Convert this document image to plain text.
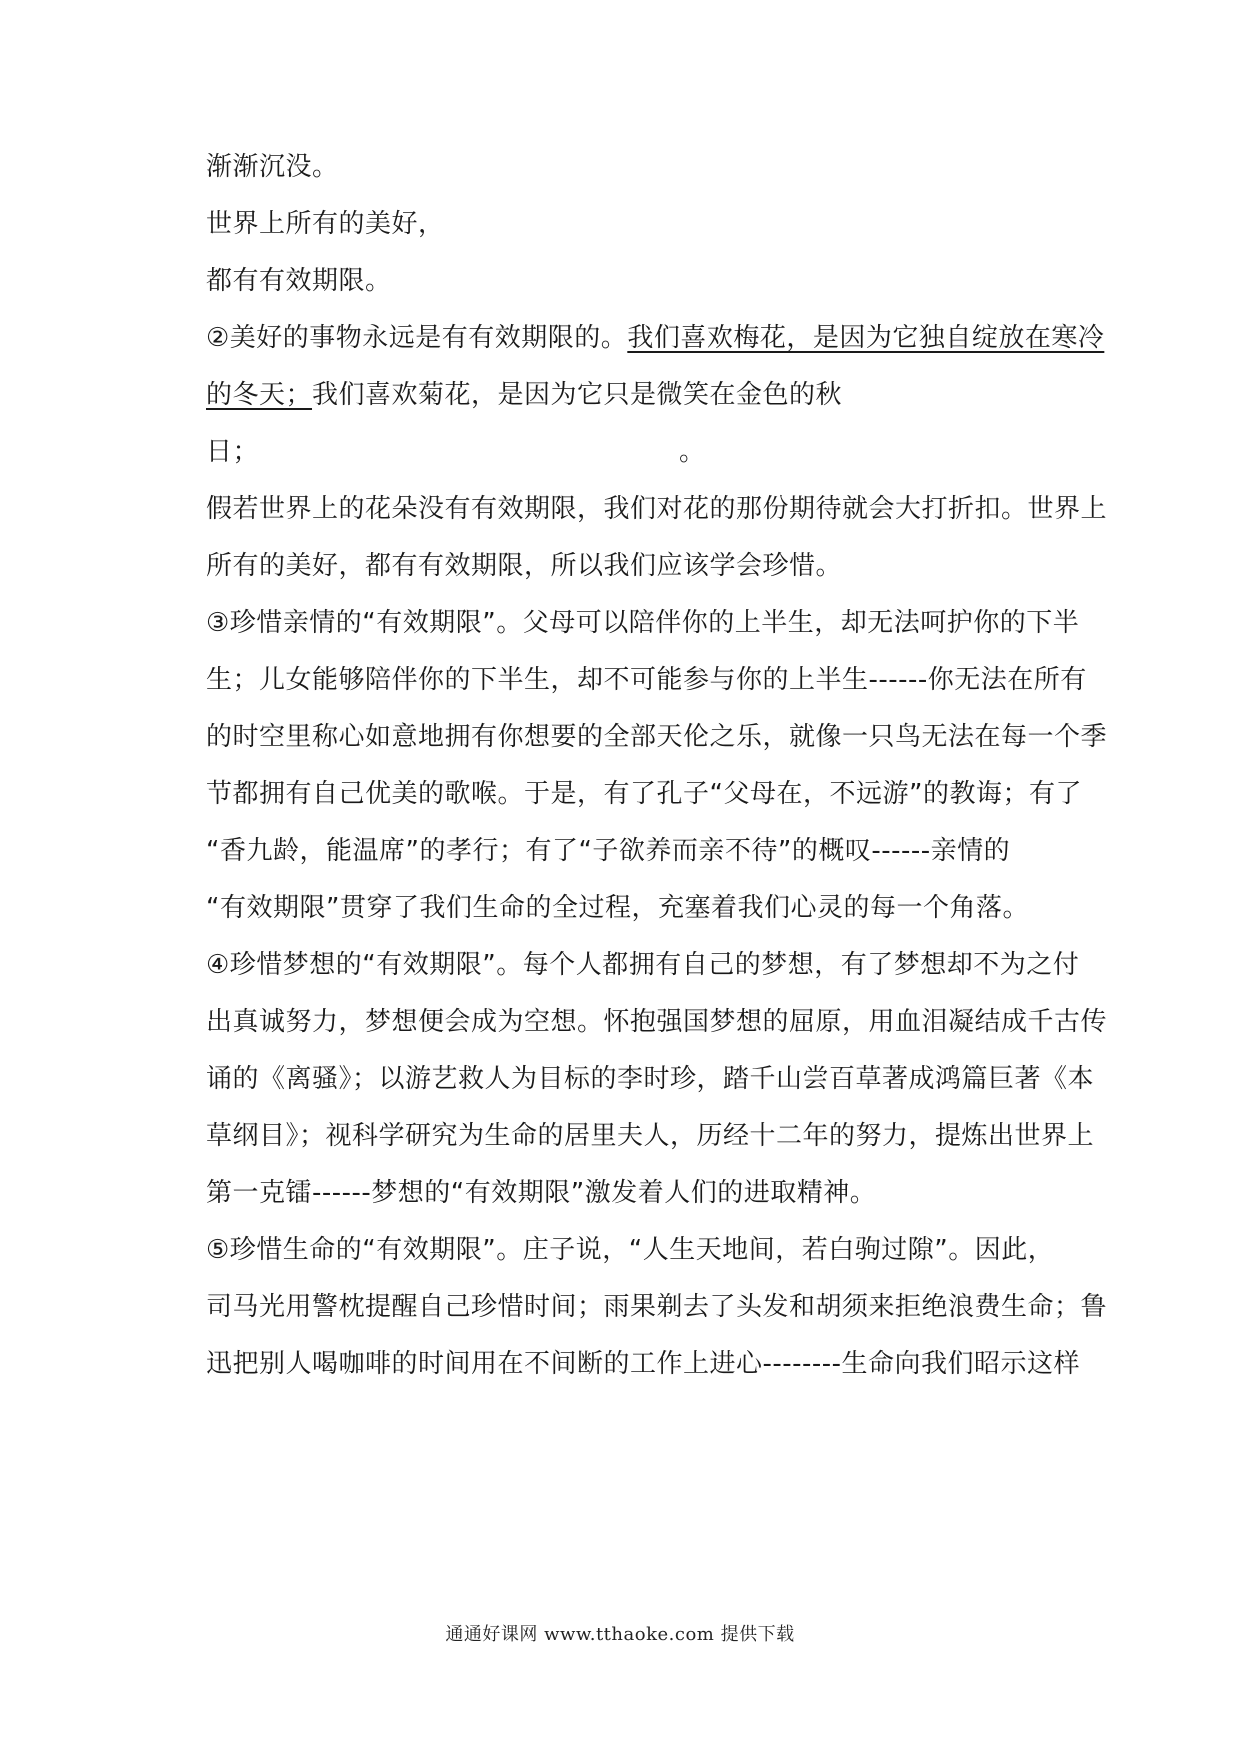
渐渐沉没。
世界上所有的美好，
都有有效期限。
②美好的事物永远是有有效期限的。我们喜欢梅花，是因为它独自绽放在寒冷
的冬天；我们喜欢菊花，是因为它只是微笑在金色的秋
日；	。
假若世界上的花朵没有有效期限，我们对花的那份期待就会大打折扣。世界上
所有的美好，都有有效期限，所以我们应该学会珍惜。
③珍惜亲情的“有效期限”。父母可以陪伴你的上半生，却无法呵护你的下半
生；儿女能够陪伴你的下半生，却不可能参与你的上半生------你无法在所有
的时空里称心如意地拥有你想要的全部天伦之乐，就像一只鸟无法在每一个季
节都拥有自己优美的歌喉。于是，有了孔子“父母在，不远游”的教诲；有了
“香九龄，能温席”的孝行；有了“子欲养而亲不待”的概叹------亲情的
“有效期限”贯穿了我们生命的全过程，充塞着我们心灵的每一个角落。
④珍惜梦想的“有效期限”。每个人都拥有自己的梦想，有了梦想却不为之付
出真诚努力，梦想便会成为空想。怀抱强国梦想的屈原，用血泪凝结成千古传
诵的《离骚》；以游艺救人为目标的李时珍，踏千山尝百草著成鸿篇巨著《本
草纲目》；视科学研究为生命的居里夫人，历经十二年的努力，提炼出世界上
第一克镭------梦想的“有效期限”激发着人们的进取精神。
⑤珍惜生命的“有效期限”。庄子说，“人生天地间，若白驹过隙”。因此，
司马光用警枕提醒自己珍惜时间；雨果剃去了头发和胡须来拒绝浪费生命；鲁
迅把别人喝咖啡的时间用在不间断的工作上进心--------生命向我们昭示这样
通通好课网 www.tthaoke.com 提供下载
